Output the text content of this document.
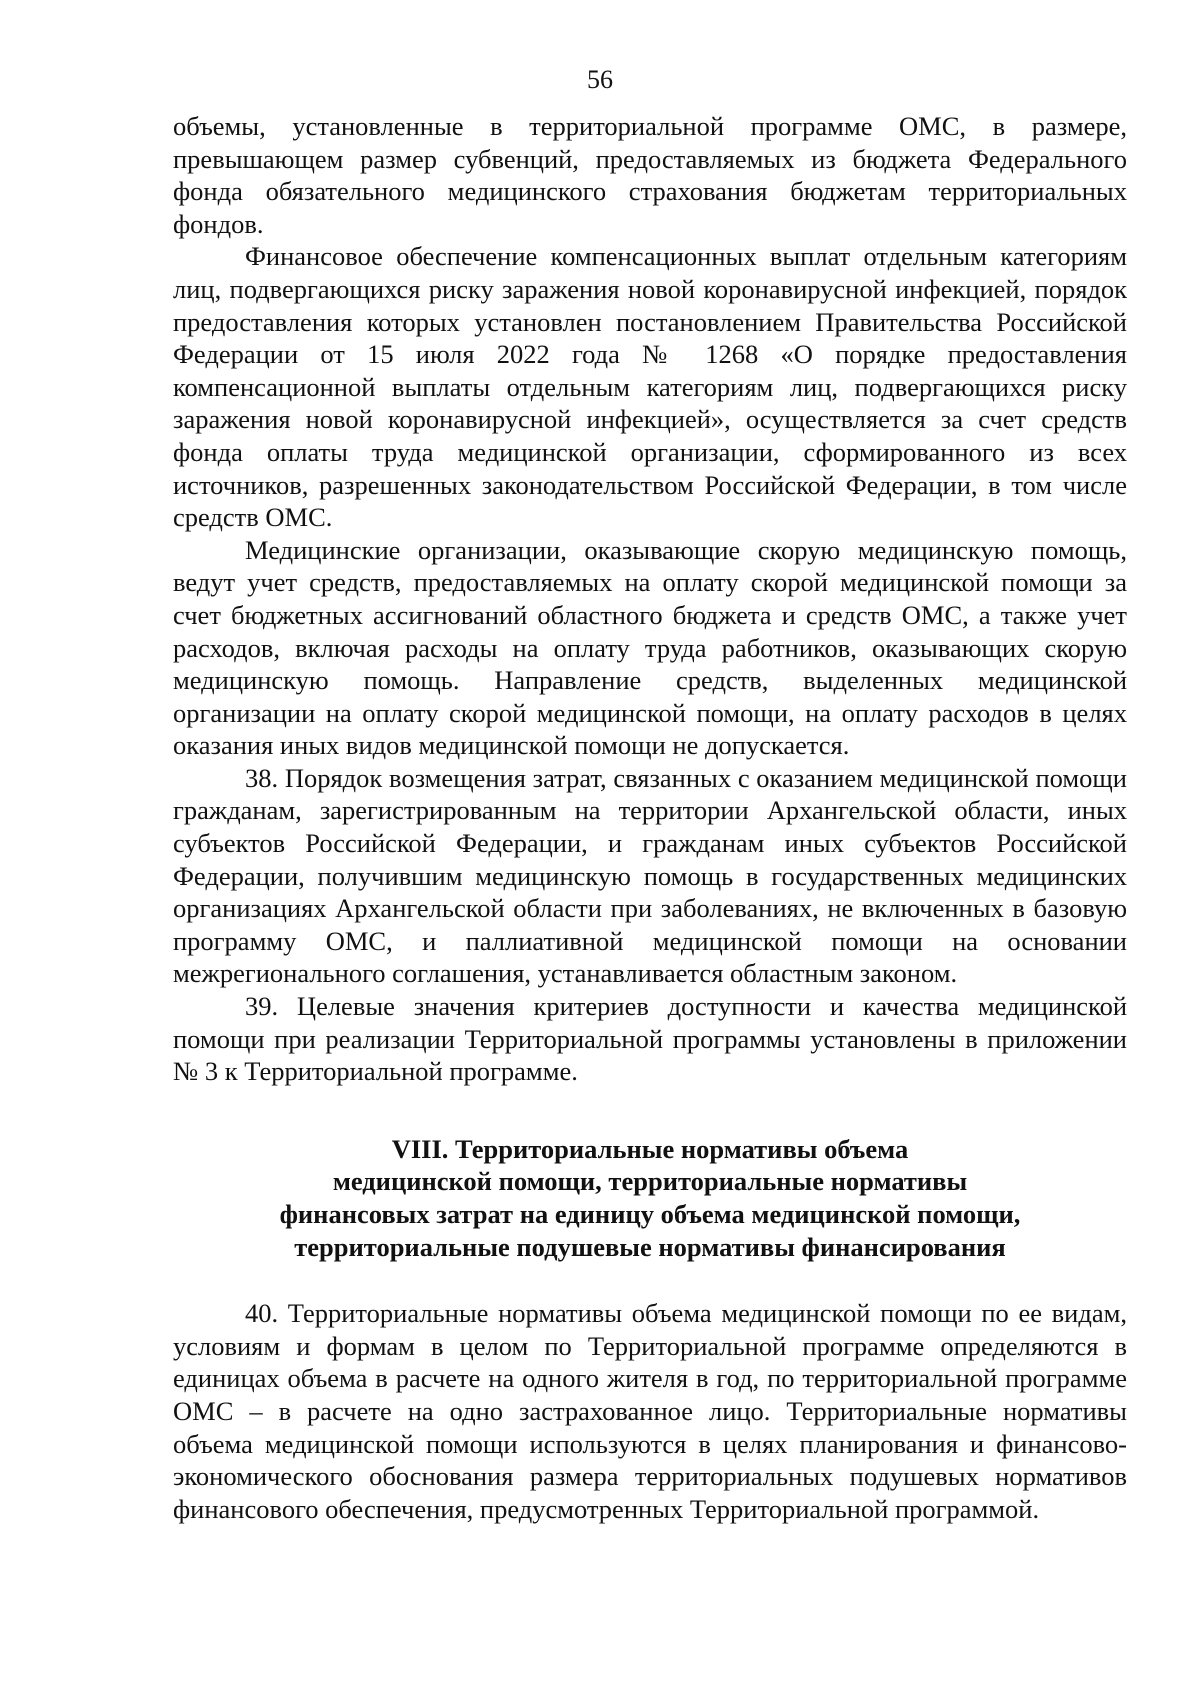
56

объемы, установленные в территориальной программе ОМС, в размере, превышающем размер субвенций, предоставляемых из бюджета Федерального фонда обязательного медицинского страхования бюджетам территориальных фондов.

Финансовое обеспечение компенсационных выплат отдельным категориям лиц, подвергающихся риску заражения новой коронавирусной инфекцией, порядок предоставления которых установлен постановлением Правительства Российской Федерации от 15 июля 2022 года № 1268 «О порядке предоставления компенсационной выплаты отдельным категориям лиц, подвергающихся риску заражения новой коронавирусной инфекцией», осуществляется за счет средств фонда оплаты труда медицинской организации, сформированного из всех источников, разрешенных законодательством Российской Федерации, в том числе средств ОМС.

Медицинские организации, оказывающие скорую медицинскую помощь, ведут учет средств, предоставляемых на оплату скорой медицинской помощи за счет бюджетных ассигнований областного бюджета и средств ОМС, а также учет расходов, включая расходы на оплату труда работников, оказывающих скорую медицинскую помощь. Направление средств, выделенных медицинской организации на оплату скорой медицинской помощи, на оплату расходов в целях оказания иных видов медицинской помощи не допускается.

38. Порядок возмещения затрат, связанных с оказанием медицинской помощи гражданам, зарегистрированным на территории Архангельской области, иных субъектов Российской Федерации, и гражданам иных субъектов Российской Федерации, получившим медицинскую помощь в государственных медицинских организациях Архангельской области при заболеваниях, не включенных в базовую программу ОМС, и паллиативной медицинской помощи на основании межрегионального соглашения, устанавливается областным законом.

39. Целевые значения критериев доступности и качества медицинской помощи при реализации Территориальной программы установлены в приложении № 3 к Территориальной программе.

VIII. Территориальные нормативы объема
медицинской помощи, территориальные нормативы
финансовых затрат на единицу объема медицинской помощи,
территориальные подушевые нормативы финансирования

40. Территориальные нормативы объема медицинской помощи по ее видам, условиям и формам в целом по Территориальной программе определяются в единицах объема в расчете на одного жителя в год, по территориальной программе ОМС – в расчете на одно застрахованное лицо. Территориальные нормативы объема медицинской помощи используются в целях планирования и финансово-экономического обоснования размера территориальных подушевых нормативов финансового обеспечения, предусмотренных Территориальной программой.
